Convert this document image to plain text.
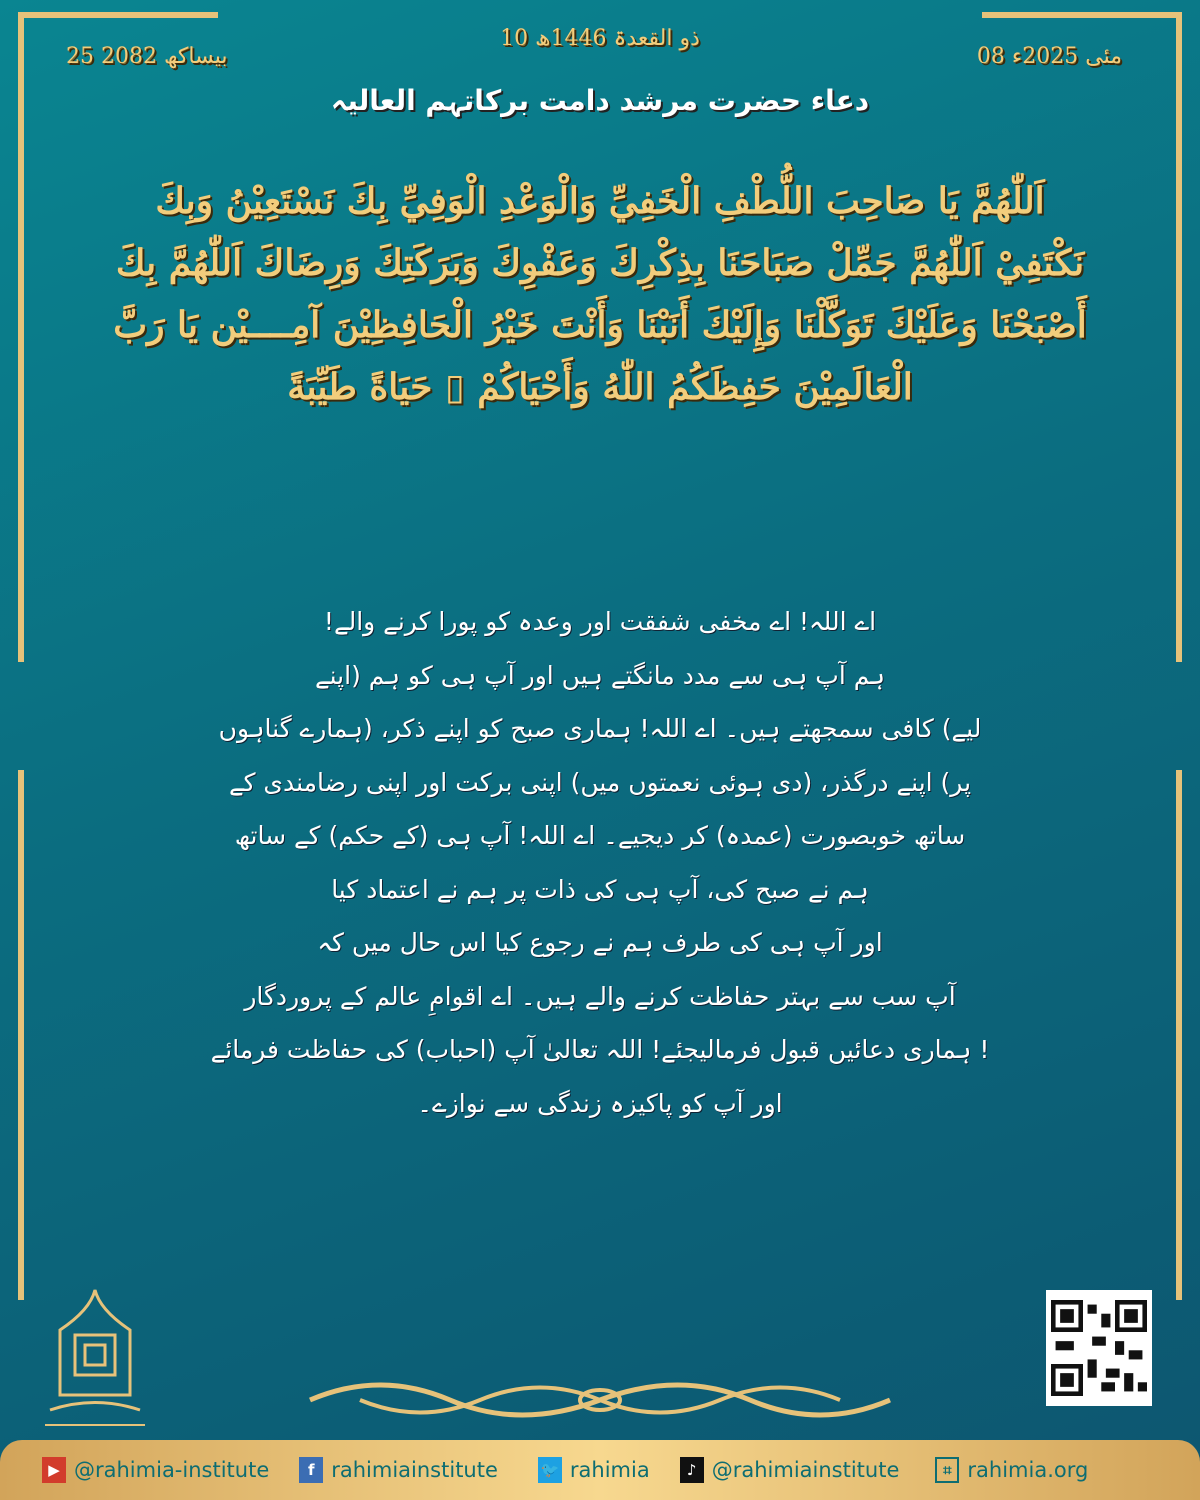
08 مئی 2025ء
10 ذو القعدۃ 1446ھ
25 بیساکھ 2082
دعاء حضرت مرشد دامت برکاتہم العالیہ
اَللّٰهُمَّ يَا صَاحِبَ اللُّطْفِ الْخَفِيِّ وَالْوَعْدِ الْوَفِيِّ بِكَ نَسْتَعِيْنُ وَبِكَ نَكْتَفِيْ اَللّٰهُمَّ جَمِّلْ صَبَاحَنَا بِذِكْرِكَ وَعَفْوِكَ وَبَرَكَتِكَ وَرِضَاكَ اَللّٰهُمَّ بِكَ أَصْبَحْنَا وَعَلَيْكَ تَوَكَّلْنَا وَإِلَيْكَ أَنَبْنَا وَأَنْتَ خَيْرُ الْحَافِظِيْنَ آمِــــيْن يَا رَبَّ الْعَالَمِيْنَ حَفِظَكُمُ اللّٰهُ وَأَحْيَاكُمْ ▯ حَيَاةً طَيِّبَةً
اے اللہ! اے مخفی شفقت اور وعدہ کو پورا کرنے والے!
ہم آپ ہی سے مدد مانگتے ہیں اور آپ ہی کو ہم (اپنے
لیے) کافی سمجھتے ہیں۔ اے اللہ! ہماری صبح کو اپنے ذکر، (ہمارے گناہوں
پر) اپنے درگذر، (دی ہوئی نعمتوں میں) اپنی برکت اور اپنی رضامندی کے
ساتھ خوبصورت (عمدہ) کر دیجیے۔ اے اللہ! آپ ہی (کے حکم) کے ساتھ
ہم نے صبح کی، آپ ہی کی ذات پر ہم نے اعتماد کیا
اور آپ ہی کی طرف ہم نے رجوع کیا اس حال میں کہ
آپ سب سے بہتر حفاظت کرنے والے ہیں۔ اے اقوامِ عالم کے پروردگار
! ہماری دعائیں قبول فرمالیجئے! اللہ تعالیٰ آپ (احباب) کی حفاظت فرمائے
اور آپ کو پاکیزہ زندگی سے نوازے۔
▶ @rahimia-institute	f rahimiainstitute	🐦 rahimia	♪ @rahimiainstitute	⌗ rahimia.org
